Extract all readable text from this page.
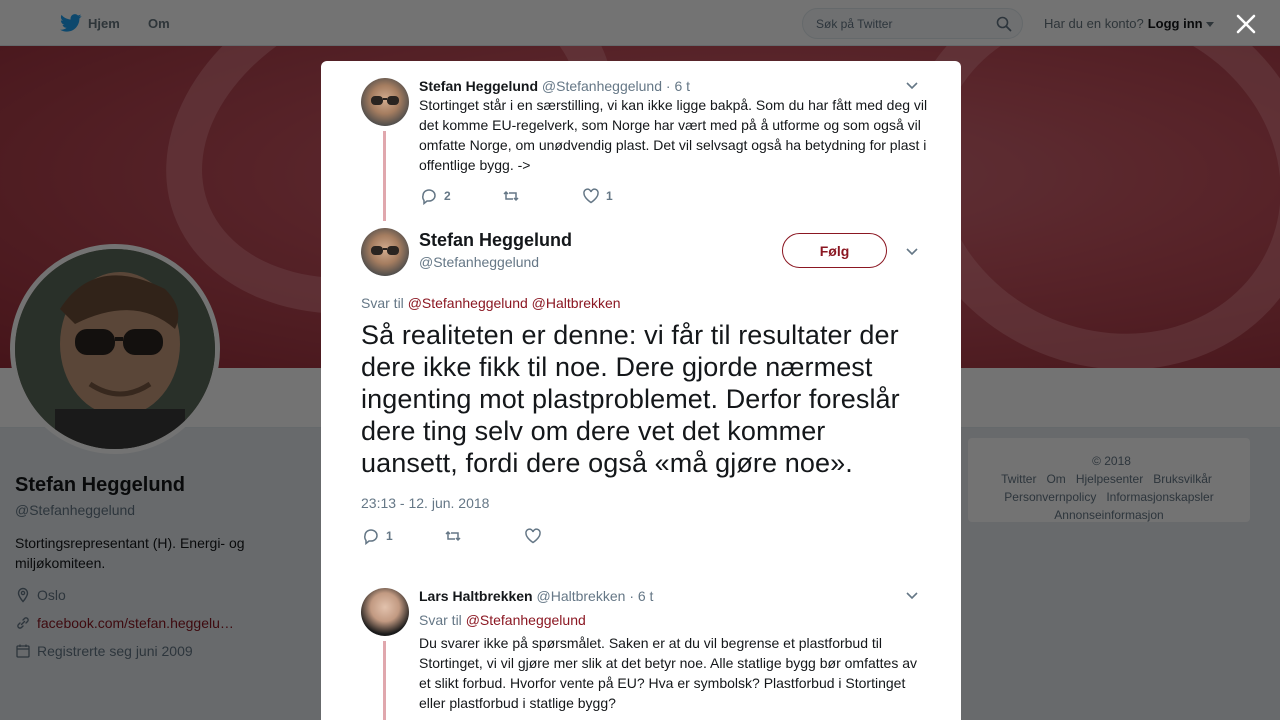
Søk på Twitter

Stefan Heggelund @Stefanheggelund · 6 t
Stortinget står i en særstilling, vi kan ikke ligge bakpå. Som du har fått med deg vil det komme EU-regelverk, som Norge har vært med på å utforme og som også vil omfatte Norge, om unødvendig plast. Det vil selvsagt også ha betydning for plast i offentlige bygg. ->
2	1
Stefan Heggelund
@Stefanheggelund
Følg
Svar til @Stefanheggelund @Haltbrekken
Så realiteten er denne: vi får til resultater der dere ikke fikk til noe. Dere gjorde nærmest ingenting mot plastproblemet. Derfor foreslår dere ting selv om dere vet det kommer uansett, fordi dere også «må gjøre noe».
23:13 - 12. jun. 2018
1
Lars Haltbrekken @Haltbrekken · 6 t
Svar til @Stefanheggelund
Du svarer ikke på spørsmålet. Saken er at du vil begrense et plastforbud til Stortinget, vi vil gjøre mer slik at det betyr noe. Alle statlige bygg bør omfattes av et slikt forbud. Hvorfor vente på EU? Hva er symbolsk? Plastforbud i Stortinget eller plastforbud i statlige bygg?
